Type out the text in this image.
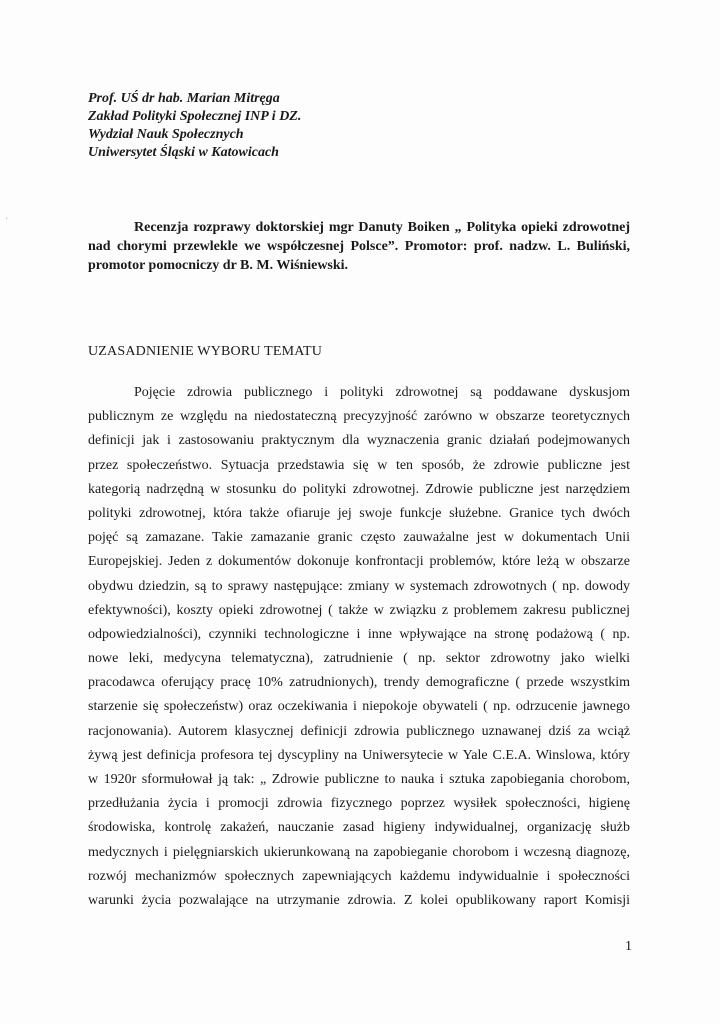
Prof. UŚ dr hab. Marian Mitręga
Zakład Polityki Społecznej INP i DZ.
Wydział Nauk Społecznych
Uniwersytet Śląski w Katowicach
′	Recenzja rozprawy doktorskiej mgr Danuty Boiken „ Polityka opieki zdrowotnej nad chorymi przewlekle we współczesnej Polsce”. Promotor: prof. nadzw. L. Buliński, promotor pomocniczy dr B. M. Wiśniewski.
UZASADNIENIE WYBORU TEMATU
Pojęcie zdrowia publicznego i polityki zdrowotnej są poddawane dyskusjom
publicznym ze względu na niedostateczną precyzyjność zarówno w obszarze teoretycznych
definicji jak i zastosowaniu praktycznym dla wyznaczenia granic działań podejmowanych
przez społeczeństwo. Sytuacja przedstawia się w ten sposób, że zdrowie publiczne jest
kategorią nadrzędną w stosunku do polityki zdrowotnej. Zdrowie publiczne jest narzędziem
polityki zdrowotnej, która także ofiaruje jej swoje funkcje służebne. Granice tych dwóch
pojęć są zamazane. Takie zamazanie granic często zauważalne jest w dokumentach Unii
Europejskiej. Jeden z dokumentów dokonuje konfrontacji problemów, które leżą w obszarze
obydwu dziedzin, są to sprawy następujące: zmiany w systemach zdrowotnych ( np. dowody
efektywności), koszty opieki zdrowotnej ( także w związku z problemem zakresu publicznej
odpowiedzialności), czynniki technologiczne i inne wpływające na stronę podażową ( np.
nowe leki, medycyna telematyczna), zatrudnienie ( np. sektor zdrowotny jako wielki
pracodawca oferujący pracę 10% zatrudnionych), trendy demograficzne ( przede wszystkim
starzenie się społeczeństw) oraz oczekiwania i niepokoje obywateli ( np. odrzucenie jawnego
racjonowania). Autorem klasycznej definicji zdrowia publicznego uznawanej dziś za wciąż
żywą jest definicja profesora tej dyscypliny na Uniwersytecie w Yale C.E.A. Winslowa, który
w 1920r sformułował ją tak: „ Zdrowie publiczne to nauka i sztuka zapobiegania chorobom,
przedłużania życia i promocji zdrowia fizycznego poprzez wysiłek społeczności, higienę
środowiska, kontrolę zakażeń, nauczanie zasad higieny indywidualnej, organizację służb
medycznych i pielęgniarskich ukierunkowaną na zapobieganie chorobom i wczesną diagnozę,
rozwój mechanizmów społecznych zapewniających każdemu indywidualnie i społeczności
warunki życia pozwalające na utrzymanie zdrowia. Z kolei opublikowany raport Komisji
1
